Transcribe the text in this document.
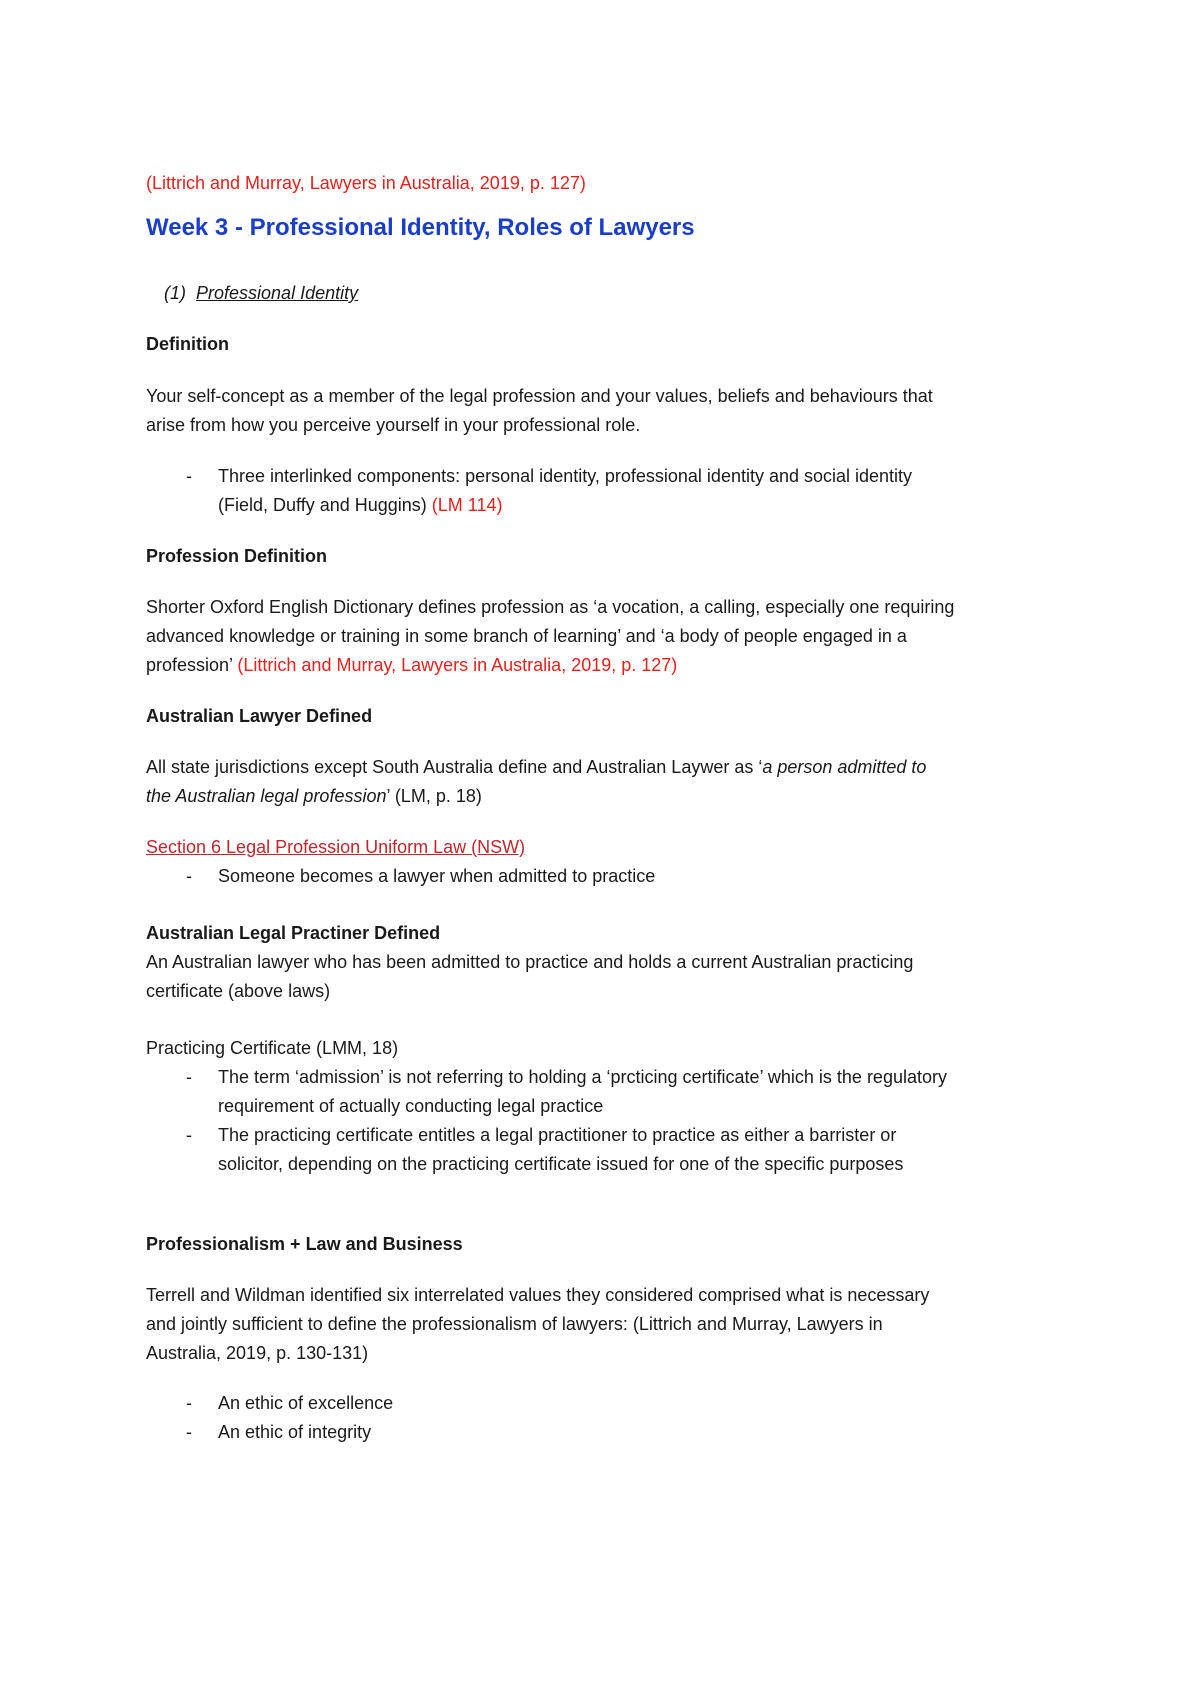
(Littrich and Murray, Lawyers in Australia, 2019, p. 127)
Week 3 - Professional Identity, Roles of Lawyers
(1) Professional Identity
Definition
Your self-concept as a member of the legal profession and your values, beliefs and behaviours that
arise from how you perceive yourself in your professional role.
- Three interlinked components: personal identity, professional identity and social identity
(Field, Duffy and Huggins) (LM 114)
Profession Definition
Shorter Oxford English Dictionary defines profession as ‘a vocation, a calling, especially one requiring
advanced knowledge or training in some branch of learning’ and ‘a body of people engaged in a
profession’ (Littrich and Murray, Lawyers in Australia, 2019, p. 127)
Australian Lawyer Defined
All state jurisdictions except South Australia define and Australian Laywer as ‘a person admitted to
the Australian legal profession’ (LM, p. 18)
Section 6 Legal Profession Uniform Law (NSW)
- Someone becomes a lawyer when admitted to practice
Australian Legal Practiner Defined
An Australian lawyer who has been admitted to practice and holds a current Australian practicing
certificate (above laws)
Practicing Certificate (LMM, 18)
- The term ‘admission’ is not referring to holding a ‘prcticing certificate’ which is the regulatory
requirement of actually conducting legal practice
- The practicing certificate entitles a legal practitioner to practice as either a barrister or
solicitor, depending on the practicing certificate issued for one of the specific purposes
Professionalism + Law and Business
Terrell and Wildman identified six interrelated values they considered comprised what is necessary
and jointly sufficient to define the professionalism of lawyers: (Littrich and Murray, Lawyers in
Australia, 2019, p. 130-131)
- An ethic of excellence
- An ethic of integrity
